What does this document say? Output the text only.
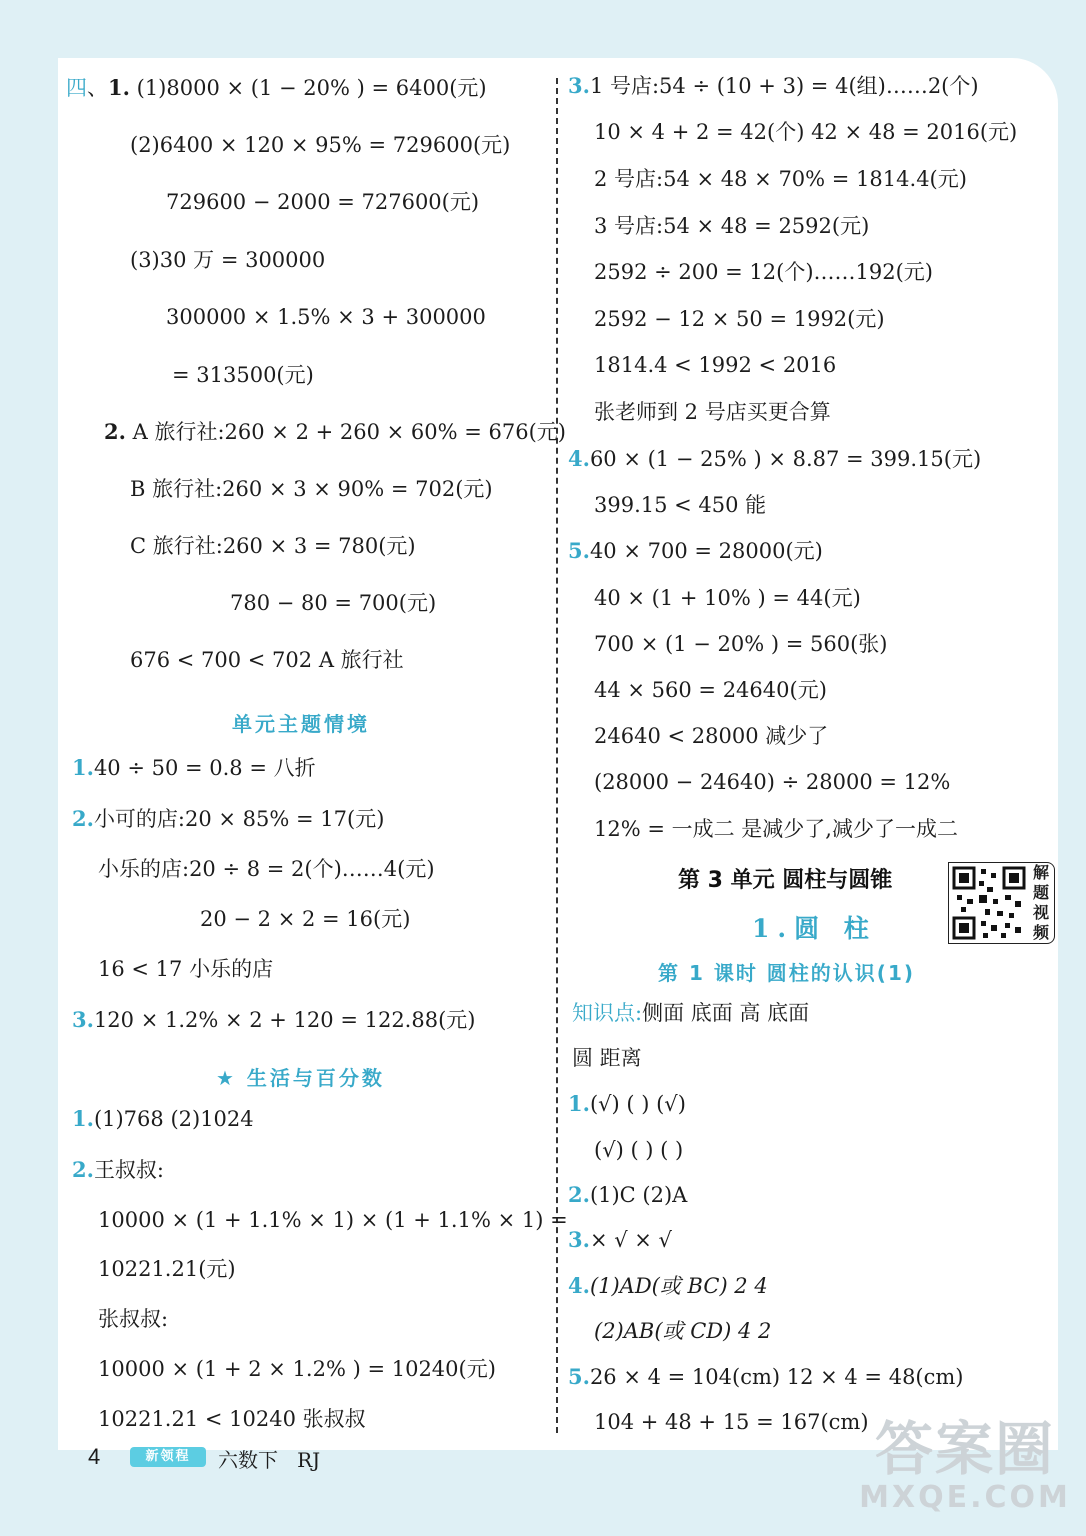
四、1. (1)8000 × (1 − 20% ) = 6400(元)
(2)6400 × 120 × 95% = 729600(元)
729600 − 2000 = 727600(元)
(3)30 万 = 300000
300000 × 1.5% × 3 + 300000
= 313500(元)
2. A 旅行社:260 × 2 + 260 × 60% = 676(元)
B 旅行社:260 × 3 × 90% = 702(元)
C 旅行社:260 × 3 = 780(元)
780 − 80 = 700(元)
676 < 700 < 702 A 旅行社
单元主题情境
1.40 ÷ 50 = 0.8 = 八折
2.小可的店:20 × 85% = 17(元)
小乐的店:20 ÷ 8 = 2(个)……4(元)
20 − 2 × 2 = 16(元)
16 < 17 小乐的店
3.120 × 1.2% × 2 + 120 = 122.88(元)
★ 生活与百分数
1.(1)768 (2)1024
2.王叔叔:
10000 × (1 + 1.1% × 1) × (1 + 1.1% × 1) =
10221.21(元)
张叔叔:
10000 × (1 + 2 × 1.2% ) = 10240(元)
10221.21 < 10240 张叔叔
3.1 号店:54 ÷ (10 + 3) = 4(组)……2(个)
10 × 4 + 2 = 42(个) 42 × 48 = 2016(元)
2 号店:54 × 48 × 70% = 1814.4(元)
3 号店:54 × 48 = 2592(元)
2592 ÷ 200 = 12(个)……192(元)
2592 − 12 × 50 = 1992(元)
1814.4 < 1992 < 2016
张老师到 2 号店买更合算
4.60 × (1 − 25% ) × 8.87 = 399.15(元)
399.15 < 450 能
5.40 × 700 = 28000(元)
40 × (1 + 10% ) = 44(元)
700 × (1 − 20% ) = 560(张)
44 × 560 = 24640(元)
24640 < 28000 减少了
(28000 − 24640) ÷ 28000 = 12%
12% = 一成二 是减少了,减少了一成二
第 3 单元 圆柱与圆锥	解题视频
1.圆 柱
第 1 课时 圆柱的认识(1)
知识点:侧面 底面 高 底面
圆 距离
1.(√) ( ) (√)
(√) ( ) ( )
2.(1)C (2)A
3.× √ × √
4.(1)AD(或 BC) 2 4
(2)AB(或 CD) 4 2
5.26 × 4 = 104(cm) 12 × 4 = 48(cm)
104 + 48 + 15 = 167(cm)
4	新领程	六数下 RJ	答案圈
MXQE.COM
